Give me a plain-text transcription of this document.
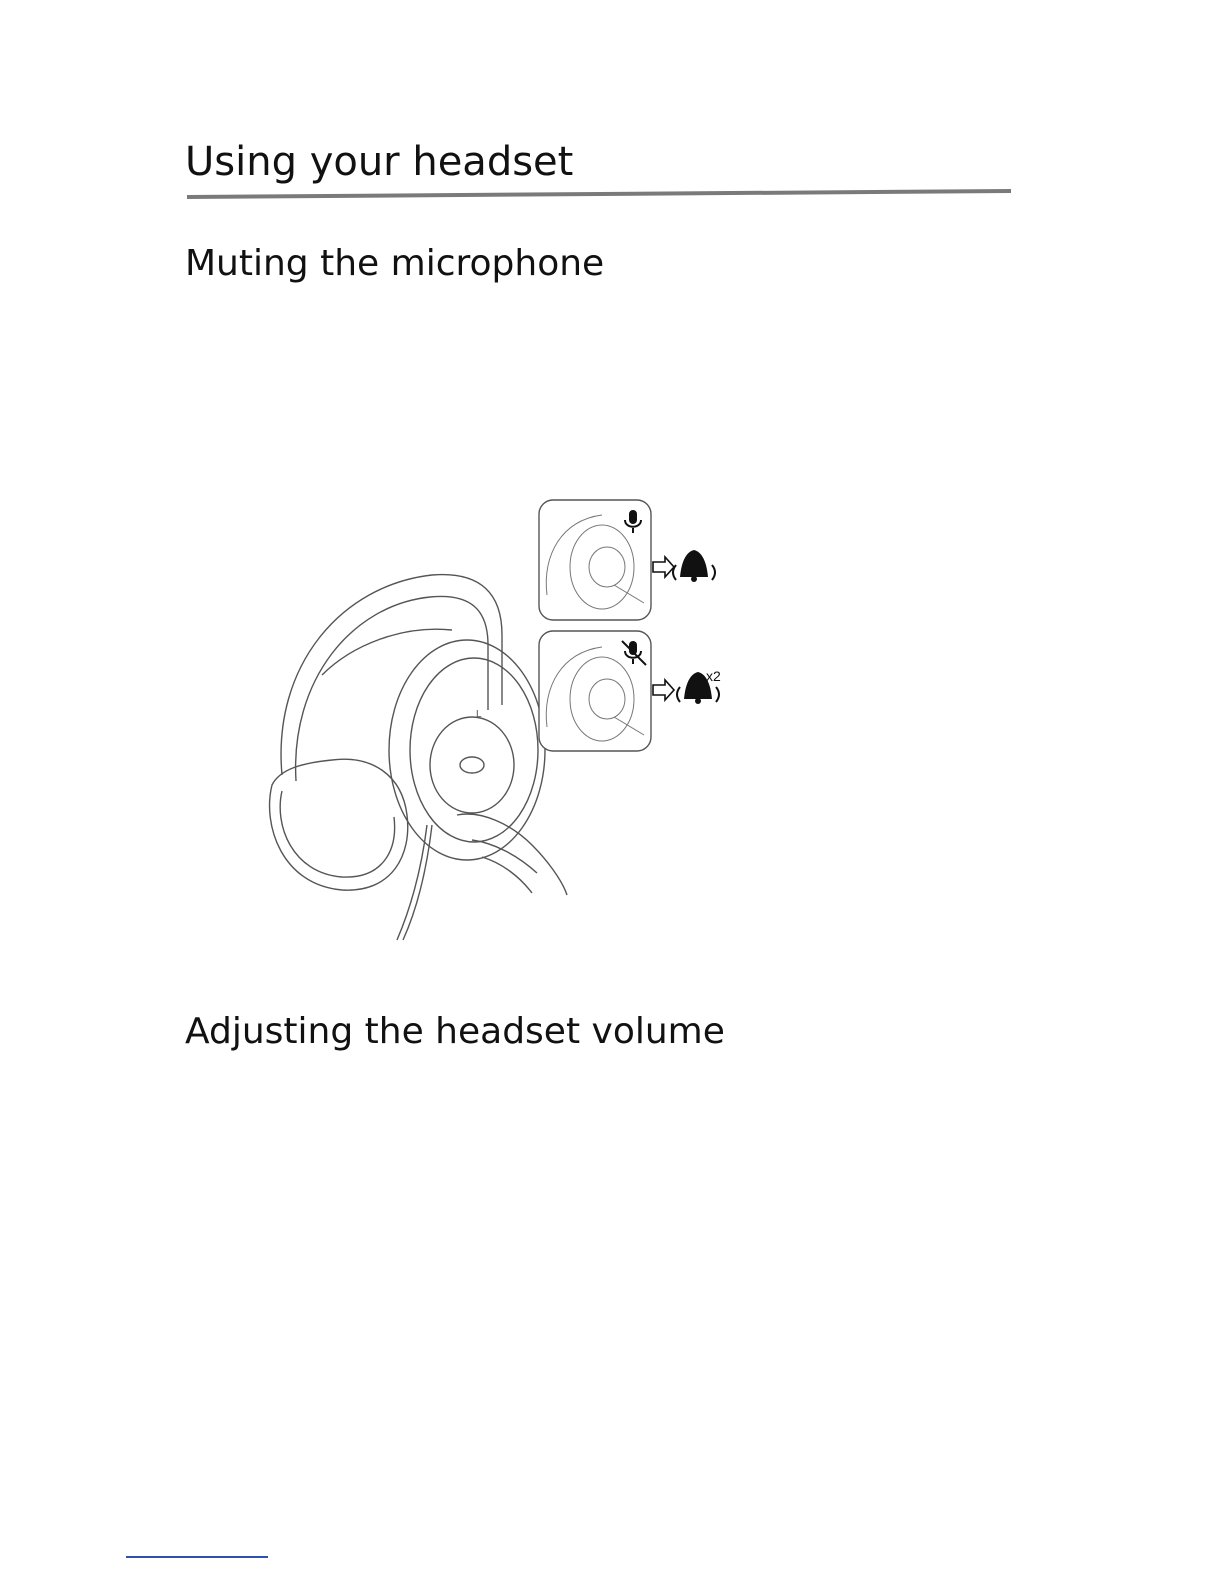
Using your headset
Muting the microphone
L
x2
Adjusting the headset volume
